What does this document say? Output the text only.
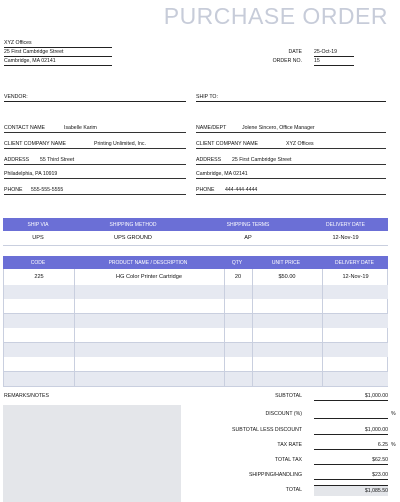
PURCHASE ORDER
XYZ Offices
25 First Cambridge Street
Cambridge, MA 02141
DATE 25-Oct-19
ORDER NO. 15
VENDOR:	SHIP TO:
CONTACT NAME	Isabelle Karim
CLIENT COMPANY NAME	Printing Unlimited, Inc.
ADDRESS 55 Third Street
Philadelphia, PA 10919
PHONE 555-555-5555
NAME/DEPT	Jolene Sincero, Office Manager
CLIENT COMPANY NAME	XYZ Offices
ADDRESS 25 First Cambridge Street
Cambridge, MA 02141
PHONE 444-444-4444
SHIP VIA	SHIPPING METHOD	SHIPPING TERMS	DELIVERY DATE
UPS	UPS GROUND	AP	12-Nov-19
CODE	PRODUCT NAME / DESCRIPTION	QTY	UNIT PRICE	DELIVERY DATE
225	HG Color Printer Cartridge	20	$50.00	12-Nov-19
REMARKS/NOTES	SUBTOTAL	$1,000.00
DISCOUNT (%)	%
SUBTOTAL LESS DISCOUNT	$1,000.00
TAX RATE	6.25 %
TOTAL TAX	$62.50
SHIPPING/HANDLING	$23.00
TOTAL	$1,085.50
